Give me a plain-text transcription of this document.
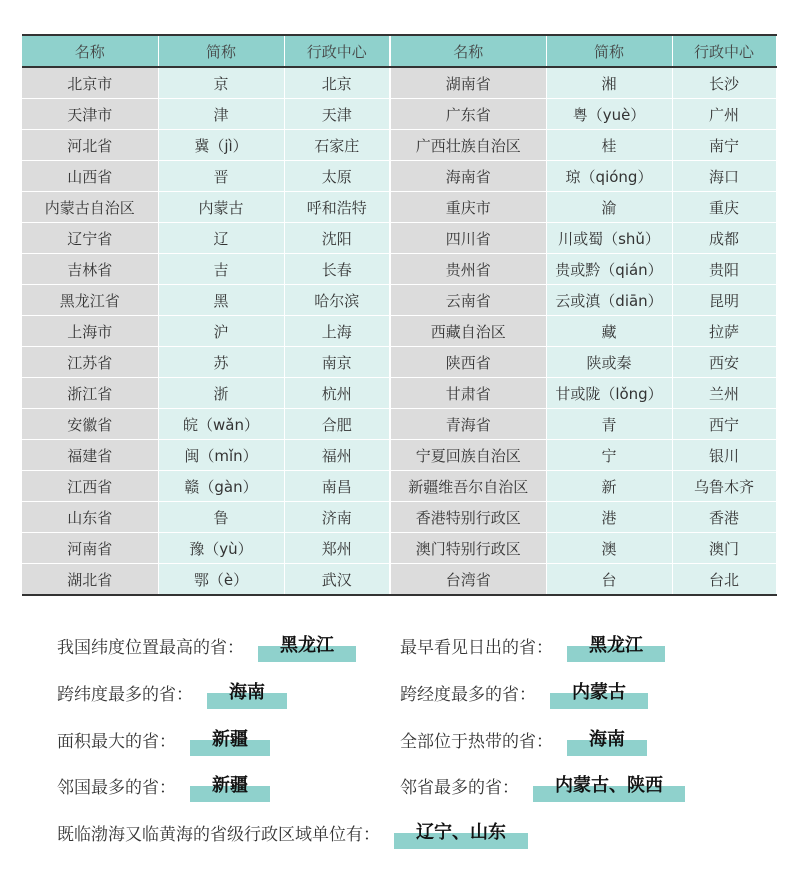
名称	简称	行政中心	名称	简称	行政中心
北京市	京	北京	湖南省	湘	长沙
天津市	津	天津	广东省	粤（yuè）	广州
河北省	冀（jì）	石家庄	广西壮族自治区	桂	南宁
山西省	晋	太原	海南省	琼（qióng）	海口
内蒙古自治区	内蒙古	呼和浩特	重庆市	渝	重庆
辽宁省	辽	沈阳	四川省	川或蜀（shǔ）	成都
吉林省	吉	长春	贵州省	贵或黔（qián）	贵阳
黑龙江省	黑	哈尔滨	云南省	云或滇（diān）	昆明
上海市	沪	上海	西藏自治区	藏	拉萨
江苏省	苏	南京	陕西省	陕或秦	西安
浙江省	浙	杭州	甘肃省	甘或陇（lǒng）	兰州
安徽省	皖（wǎn）	合肥	青海省	青	西宁
福建省	闽（mǐn）	福州	宁夏回族自治区	宁	银川
江西省	赣（gàn）	南昌	新疆维吾尔自治区	新	乌鲁木齐
山东省	鲁	济南	香港特别行政区	港	香港
河南省	豫（yù）	郑州	澳门特别行政区	澳	澳门
湖北省	鄂（è）	武汉	台湾省	台	台北
我国纬度位置最高的省： 黑龙江	最早看见日出的省： 黑龙江
跨纬度最多的省： 海南	跨经度最多的省： 内蒙古
面积最大的省： 新疆	全部位于热带的省： 海南
邻国最多的省： 新疆	邻省最多的省： 内蒙古、陕西
既临渤海又临黄海的省级行政区域单位有： 辽宁、山东
